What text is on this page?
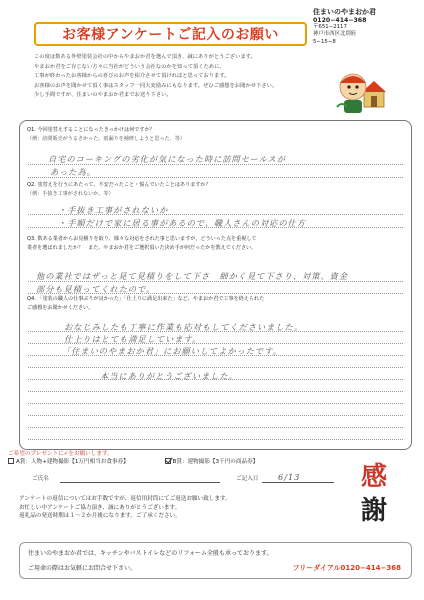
お客様アンケートご記入のお願い
住まいのやまおか君
0120−414−368
〒651−2117
神戸市西区北別府
5−15−8
この度は数ある外壁塗装会社の中からやまおか君を選んで頂き、誠にありがとうございます。
やまおか君をご存じない方々に当社がどういう会社なのかを知って頂くために、
工事が終わったお客様からの喜びのお声を紹介させて頂ければと思っております。
お客様のお声を聞かせて頂く事はスタッフ一同大変励みにもなります。ぜひご感想をお聞かせ下さい。
少し手間ですが、住まいのやまおか君までお送り下さい。
Q1. 今回塗替えすることになったきっかけは何ですか？
（例：訪問販売がうるさかった、雨漏りを補修しようと思った、等）
自宅のコーキングの劣化が気になった時に訪問セールスが
あった為。
Q2. 塗替えを行うにあたって、不安だったこと・悩んでいたことはありますか？
（例：手抜き工事がされないか、等）
・手抜き工事がされないか
・手順だけで家に居る事があるので、職人さんの対応の仕方
Q3. 数ある業者からお見積りを取り、様々な対応をされた事と思いますが、どういった点を重視して
業者を選ばれましたか？　また、やまおか君をご選択頂いた決め手が何だったかを教えてください。
他の業社ではザっと見て見積りをして下さ　細かく見て下さり、対策、資金
部分も見積ってくれたので。
Q4. 「塗装の職人の仕事ぶりが良かった」「仕上りに満足出来た」など、やまおか君で工事を終えられた
ご感想をお聞かせください。
おなじみしたも丁寧に作業も応対もしてくださいました。
仕上りはとても満足しています。
「住まいのやまおか君」にお願いしてよかったです。
本当にありがとうございました。
ご希望のプレゼントに✓をお願いします。
A賞：人物+建物撮影【1万円相当お食事券】	B賞：建物撮影【3千円の商品券】
ご氏名	ご記入日 6/13
アンケートの返信についてはお手数ですが、返信用封筒にてご返送お願い致します。
お忙しい中アンケートご協力頂き、誠にありがとうございます。
返礼品の発送時期は１〜２か月後になります。ご了承ください。
感
謝
住まいのやまおか君では、キッチンやバストイレなどのリフォーム全般も承っております。
ご用命の際はお気軽にお問合せ下さい。	フリーダイアル0120−414−368
